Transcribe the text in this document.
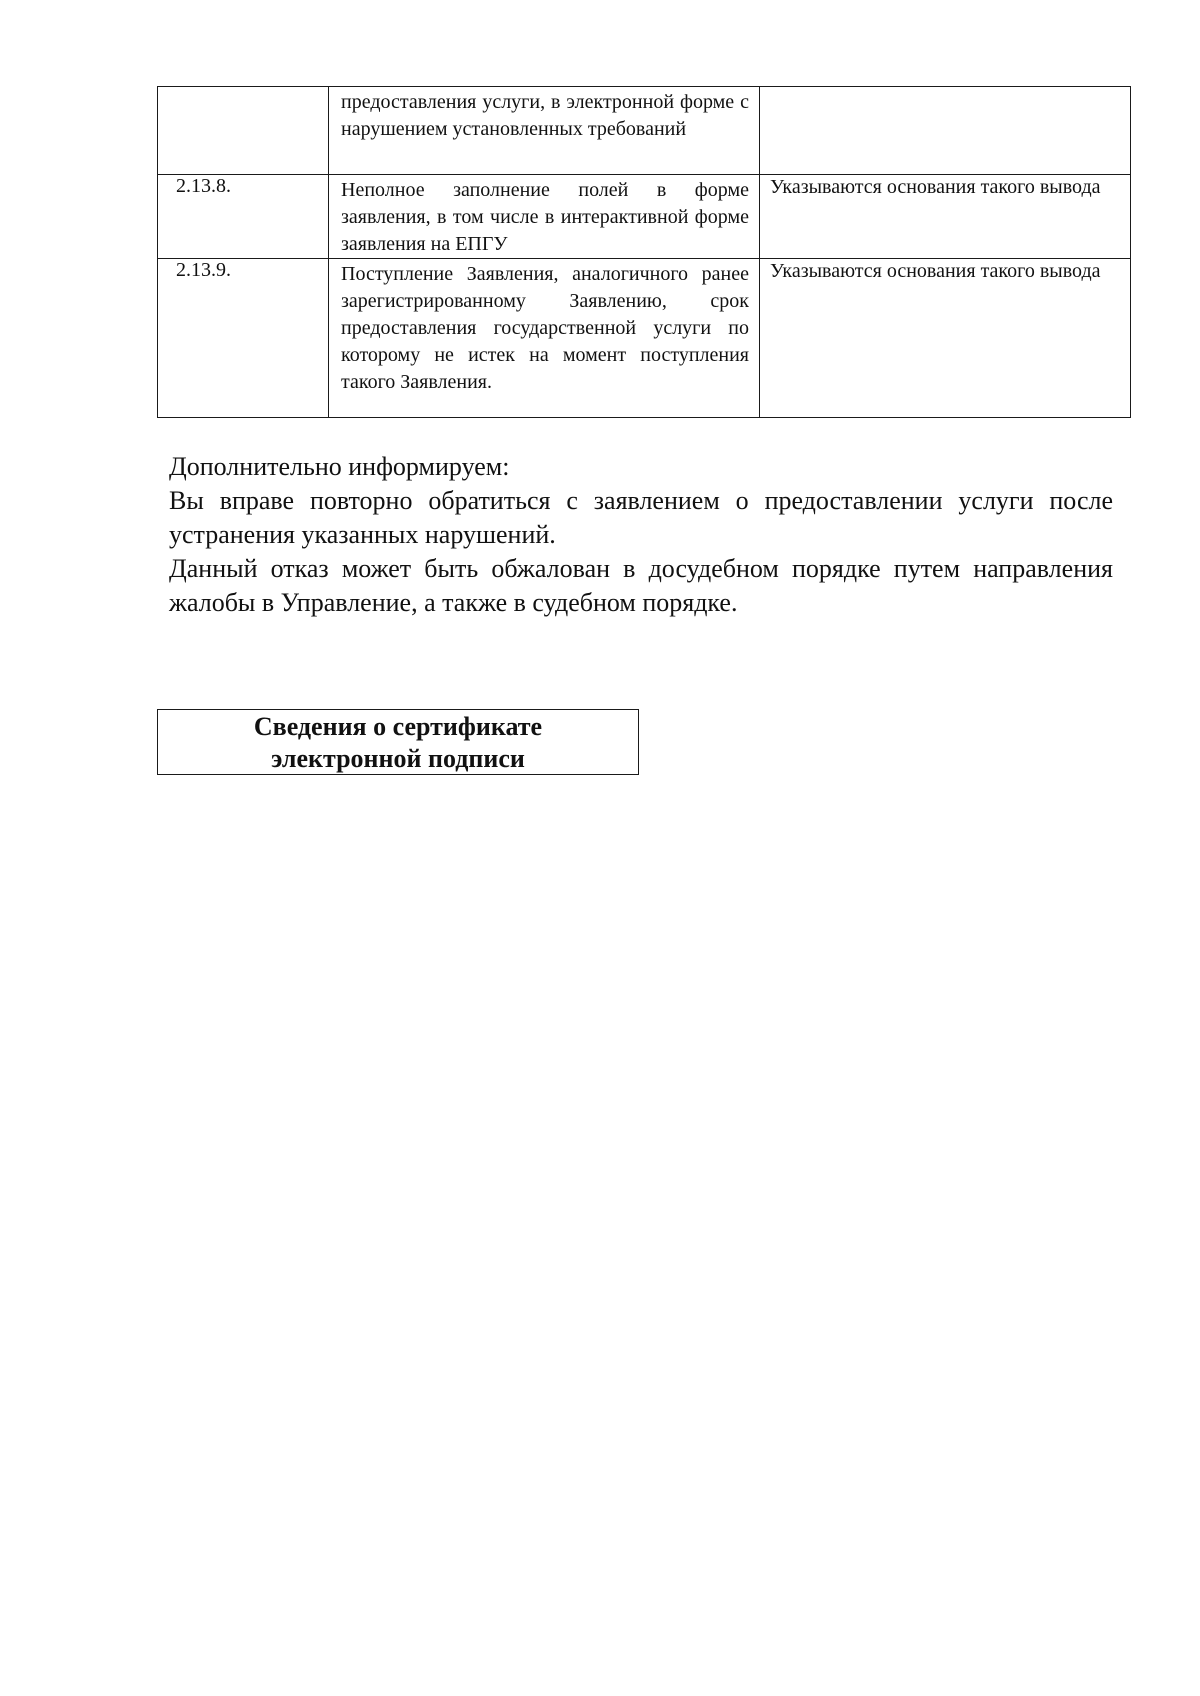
	предоставления услуги, в электронной форме с нарушением установленных требований	

2.13.8.	Неполное заполнение полей в форме заявления, в том числе в интерактивной форме заявления на ЕПГУ	Указываются основания такого вывода

2.13.9.	Поступление Заявления, аналогичного ранее зарегистрированному Заявлению, срок предоставления государственной услуги по которому не истек на момент поступления такого Заявления.	Указываются основания такого вывода

Дополнительно информируем:

Вы вправе повторно обратиться с заявлением о предоставлении услуги после устранения указанных нарушений.

Данный отказ может быть обжалован в досудебном порядке путем направления жалобы в Управление, а также в судебном порядке.

Сведения о сертификате
электронной подписи
